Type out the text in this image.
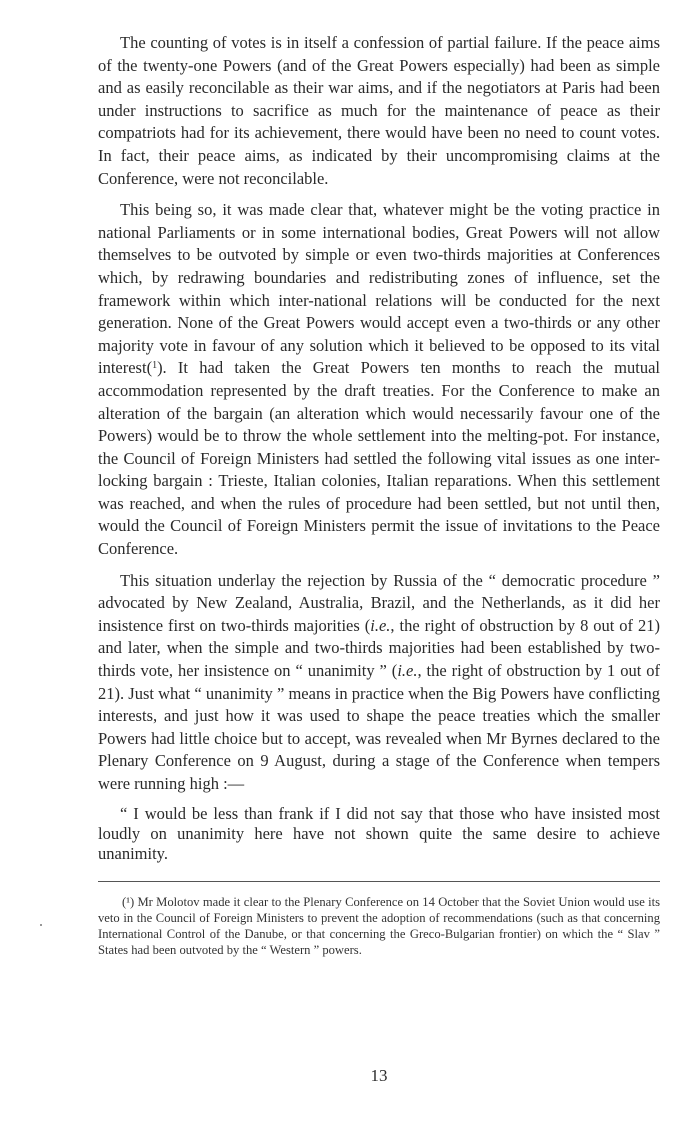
The counting of votes is in itself a confession of partial failure. If the peace aims of the twenty-one Powers (and of the Great Powers especially) had been as simple and as easily reconcilable as their war aims, and if the negotiators at Paris had been under instructions to sacrifice as much for the maintenance of peace as their compatriots had for its achievement, there would have been no need to count votes. In fact, their peace aims, as indicated by their uncompromising claims at the Conference, were not reconcilable.

This being so, it was made clear that, whatever might be the voting practice in national Parliaments or in some international bodies, Great Powers will not allow themselves to be outvoted by simple or even two-thirds majorities at Conferences which, by redrawing boundaries and redistributing zones of influence, set the framework within which inter-national relations will be conducted for the next generation. None of the Great Powers would accept even a two-thirds or any other majority vote in favour of any solution which it believed to be opposed to its vital interest($^1$). It had taken the Great Powers ten months to reach the mutual accommodation represented by the draft treaties. For the Conference to make an alteration of the bargain (an alteration which would necessarily favour one of the Powers) would be to throw the whole settlement into the melting-pot. For instance, the Council of Foreign Ministers had settled the following vital issues as one inter-locking bargain : Trieste, Italian colonies, Italian reparations. When this settlement was reached, and when the rules of procedure had been settled, but not until then, would the Council of Foreign Ministers permit the issue of invitations to the Peace Conference.

This situation underlay the rejection by Russia of the “ democratic procedure ” advocated by New Zealand, Australia, Brazil, and the Netherlands, as it did her insistence first on two-thirds majorities (i.e., the right of obstruction by 8 out of 21) and later, when the simple and two-thirds majorities had been established by two-thirds vote, her insistence on “ unanimity ” (i.e., the right of obstruction by 1 out of 21). Just what “ unanimity ” means in practice when the Big Powers have conflicting interests, and just how it was used to shape the peace treaties which the smaller Powers had little choice but to accept, was revealed when Mr Byrnes declared to the Plenary Conference on 9 August, during a stage of the Conference when tempers were running high :—

“ I would be less than frank if I did not say that those who have insisted most loudly on unanimity here have not shown quite the same desire to achieve unanimity.

(¹) Mr Molotov made it clear to the Plenary Conference on 14 October that the Soviet Union would use its veto in the Council of Foreign Ministers to prevent the adoption of recommendations (such as that concerning International Control of the Danube, or that concerning the Greco-Bulgarian frontier) on which the “ Slav ” States had been outvoted by the “ Western ” powers.

13
